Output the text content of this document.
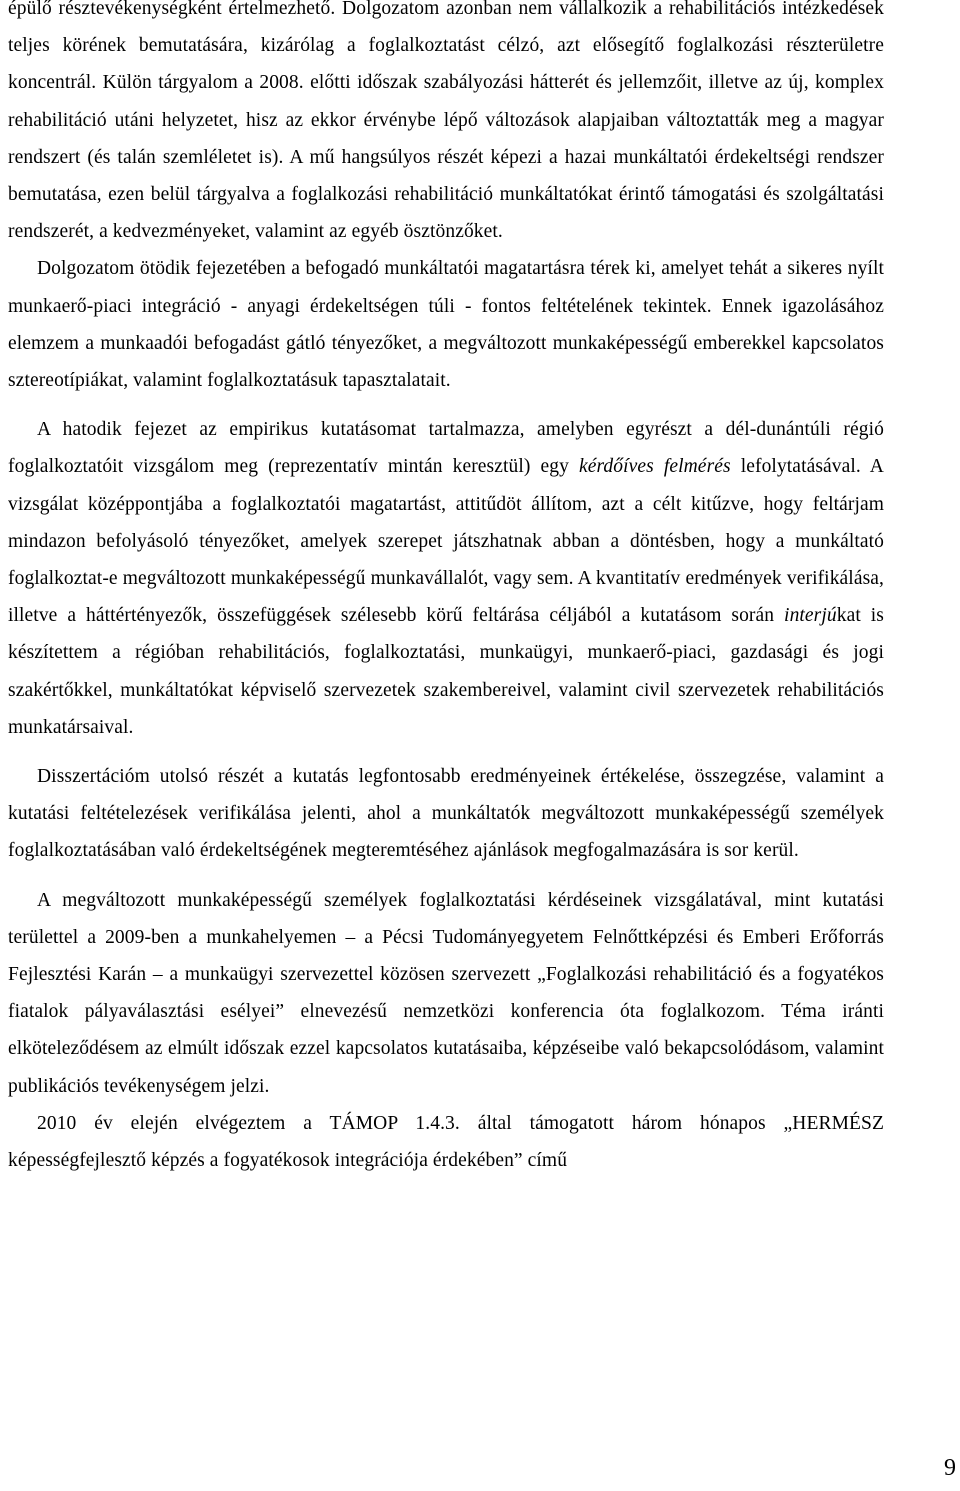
épülő résztevékenységként értelmezhető. Dolgozatom azonban nem vállalkozik a rehabilitációs intézkedések teljes körének bemutatására, kizárólag a foglalkoztatást célzó, azt elősegítő foglalkozási részterületre koncentrál. Külön tárgyalom a 2008. előtti időszak szabályozási hátterét és jellemzőit, illetve az új, komplex rehabilitáció utáni helyzetet, hisz az ekkor érvénybe lépő változások alapjaiban változtatták meg a magyar rendszert (és talán szemléletet is). A mű hangsúlyos részét képezi a hazai munkáltatói érdekeltségi rendszer bemutatása, ezen belül tárgyalva a foglalkozási rehabilitáció munkáltatókat érintő támogatási és szolgáltatási rendszerét, a kedvezményeket, valamint az egyéb ösztönzőket.

Dolgozatom ötödik fejezetében a befogadó munkáltatói magatartásra térek ki, amelyet tehát a sikeres nyílt munkaerő-piaci integráció - anyagi érdekeltségen túli - fontos feltételének tekintek. Ennek igazolásához elemzem a munkaadói befogadást gátló tényezőket, a megváltozott munkaképességű emberekkel kapcsolatos sztereotípiákat, valamint foglalkoztatásuk tapasztalatait.

A hatodik fejezet az empirikus kutatásomat tartalmazza, amelyben egyrészt a dél-dunántúli régió foglalkoztatóit vizsgálom meg (reprezentatív mintán keresztül) egy kérdőíves felmérés lefolytatásával. A vizsgálat középpontjába a foglalkoztatói magatartást, attitűdöt állítom, azt a célt kitűzve, hogy feltárjam mindazon befolyásoló tényezőket, amelyek szerepet játszhatnak abban a döntésben, hogy a munkáltató foglalkoztat-e megváltozott munkaképességű munkavállalót, vagy sem. A kvantitatív eredmények verifikálása, illetve a háttértényezők, összefüggések szélesebb körű feltárása céljából a kutatásom során interjúkat is készítettem a régióban rehabilitációs, foglalkoztatási, munkaügyi, munkaerő-piaci, gazdasági és jogi szakértőkkel, munkáltatókat képviselő szervezetek szakembereivel, valamint civil szervezetek rehabilitációs munkatársaival.

Disszertációm utolsó részét a kutatás legfontosabb eredményeinek értékelése, összegzése, valamint a kutatási feltételezések verifikálása jelenti, ahol a munkáltatók megváltozott munkaképességű személyek foglalkoztatásában való érdekeltségének megteremtéséhez ajánlások megfogalmazására is sor kerül.

A megváltozott munkaképességű személyek foglalkoztatási kérdéseinek vizsgálatával, mint kutatási területtel a 2009-ben a munkahelyemen – a Pécsi Tudományegyetem Felnőttképzési és Emberi Erőforrás Fejlesztési Karán – a munkaügyi szervezettel közösen szervezett „Foglalkozási rehabilitáció és a fogyatékos fiatalok pályaválasztási esélyei” elnevezésű nemzetközi konferencia óta foglalkozom. Téma iránti elköteleződésem az elmúlt időszak ezzel kapcsolatos kutatásaiba, képzéseibe való bekapcsolódásom, valamint publikációs tevékenységem jelzi.

2010 év elején elvégeztem a TÁMOP 1.4.3. által támogatott három hónapos „HERMÉSZ képességfejlesztő képzés a fogyatékosok integrációja érdekében” című

9
